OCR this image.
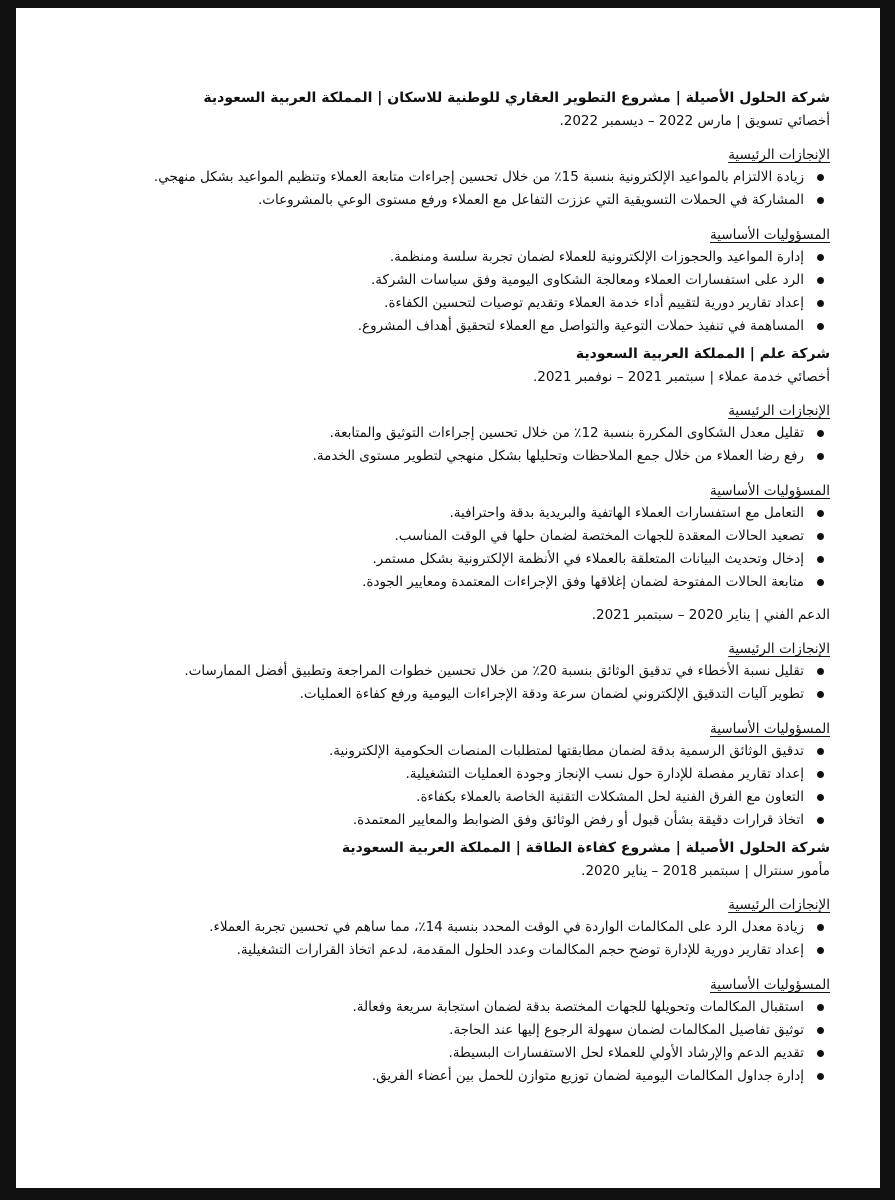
شركة الحلول الأصيلة | مشروع التطوير العقاري للوطنية للاسكان | المملكة العربية السعودية
أخصائي تسويق | مارس 2022 – ديسمبر 2022.
الإنجازات الرئيسية
زيادة الالتزام بالمواعيد الإلكترونية بنسبة 15٪ من خلال تحسين إجراءات متابعة العملاء وتنظيم المواعيد بشكل منهجي.
المشاركة في الحملات التسويقية التي عززت التفاعل مع العملاء ورفع مستوى الوعي بالمشروعات.
المسؤوليات الأساسية
إدارة المواعيد والحجوزات الإلكترونية للعملاء لضمان تجربة سلسة ومنظمة.
الرد على استفسارات العملاء ومعالجة الشكاوى اليومية وفق سياسات الشركة.
إعداد تقارير دورية لتقييم أداء خدمة العملاء وتقديم توصيات لتحسين الكفاءة.
المساهمة في تنفيذ حملات التوعية والتواصل مع العملاء لتحقيق أهداف المشروع.
شركة علم | المملكة العربية السعودية
أخصائي خدمة عملاء | سبتمبر 2021 – نوفمبر 2021.
الإنجازات الرئيسية
تقليل معدل الشكاوى المكررة بنسبة 12٪ من خلال تحسين إجراءات التوثيق والمتابعة.
رفع رضا العملاء من خلال جمع الملاحظات وتحليلها بشكل منهجي لتطوير مستوى الخدمة.
المسؤوليات الأساسية
التعامل مع استفسارات العملاء الهاتفية والبريدية بدقة واحترافية.
تصعيد الحالات المعقدة للجهات المختصة لضمان حلها في الوقت المناسب.
إدخال وتحديث البيانات المتعلقة بالعملاء في الأنظمة الإلكترونية بشكل مستمر.
متابعة الحالات المفتوحة لضمان إغلاقها وفق الإجراءات المعتمدة ومعايير الجودة.
الدعم الفني | يناير 2020 – سبتمبر 2021.
الإنجازات الرئيسية
تقليل نسبة الأخطاء في تدقيق الوثائق بنسبة 20٪ من خلال تحسين خطوات المراجعة وتطبيق أفضل الممارسات.
تطوير آليات التدقيق الإلكتروني لضمان سرعة ودقة الإجراءات اليومية ورفع كفاءة العمليات.
المسؤوليات الأساسية
تدقيق الوثائق الرسمية بدقة لضمان مطابقتها لمتطلبات المنصات الحكومية الإلكترونية.
إعداد تقارير مفصلة للإدارة حول نسب الإنجاز وجودة العمليات التشغيلية.
التعاون مع الفرق الفنية لحل المشكلات التقنية الخاصة بالعملاء بكفاءة.
اتخاذ قرارات دقيقة بشأن قبول أو رفض الوثائق وفق الضوابط والمعايير المعتمدة.
شركة الحلول الأصيلة | مشروع كفاءة الطاقة | المملكة العربية السعودية
مأمور سنترال | سبتمبر 2018 – يناير 2020.
الإنجازات الرئيسية
زيادة معدل الرد على المكالمات الواردة في الوقت المحدد بنسبة 14٪، مما ساهم في تحسين تجربة العملاء.
إعداد تقارير دورية للإدارة توضح حجم المكالمات وعدد الحلول المقدمة، لدعم اتخاذ القرارات التشغيلية.
المسؤوليات الأساسية
استقبال المكالمات وتحويلها للجهات المختصة بدقة لضمان استجابة سريعة وفعالة.
توثيق تفاصيل المكالمات لضمان سهولة الرجوع إليها عند الحاجة.
تقديم الدعم والإرشاد الأولي للعملاء لحل الاستفسارات البسيطة.
إدارة جداول المكالمات اليومية لضمان توزيع متوازن للحمل بين أعضاء الفريق.
